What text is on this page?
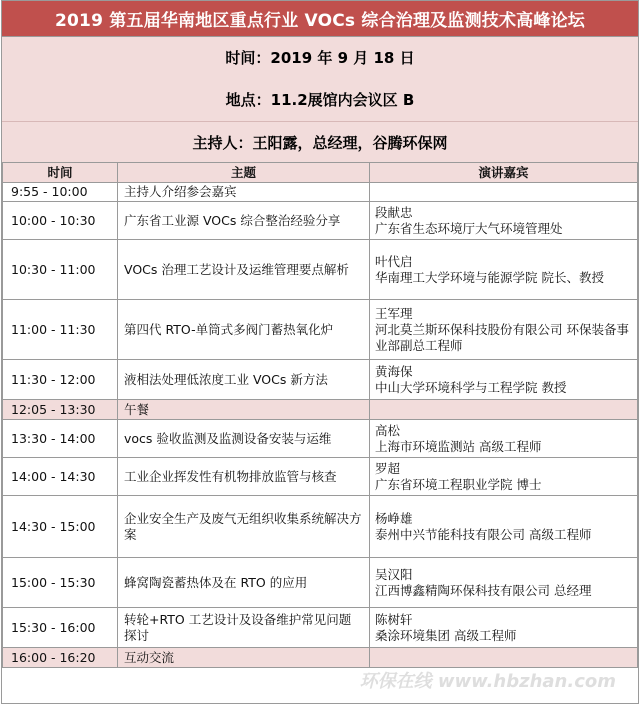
2019 第五届华南地区重点行业 VOCs 综合治理及监测技术高峰论坛
时间：2019 年 9 月 18 日
地点：11.2展馆内会议区 B
主持人：王阳露，总经理，谷腾环保网
时间	主题	演讲嘉宾
9:55 - 10:00	主持人介绍参会嘉宾	
10:00 - 10:30	广东省工业源 VOCs 综合整治经验分享	段献忠
广东省生态环境厅大气环境管理处

10:30 - 11:00	VOCs 治理工艺设计及运维管理要点解析	叶代启
华南理工大学环境与能源学院 院长、教授

11:00 - 11:30	第四代 RTO-单筒式多阀门蓄热氧化炉	王军理
河北莫兰斯环保科技股份有限公司 环保装备事业部副总工程师

11:30 - 12:00	液相法处理低浓度工业 VOCs 新方法	黄海保
中山大学环境科学与工程学院 教授

12:05 - 13:30	午餐	
13:30 - 14:00	vocs 验收监测及监测设备安装与运维	高松
上海市环境监测站 高级工程师

14:00 - 14:30	工业企业挥发性有机物排放监管与核查	罗超
广东省环境工程职业学院 博士

14:30 - 15:00	企业安全生产及废气无组织收集系统解决方案	杨峥雄
泰州中兴节能科技有限公司 高级工程师

15:00 - 15:30	蜂窝陶瓷蓄热体及在 RTO 的应用	吴汉阳
江西博鑫精陶环保科技有限公司 总经理

15:30 - 16:00	转轮+RTO 工艺设计及设备维护常见问题探讨	陈树轩
桑涂环境集团 高级工程师

16:00 - 16:20	互动交流	
环保在线 www.hbzhan.com
